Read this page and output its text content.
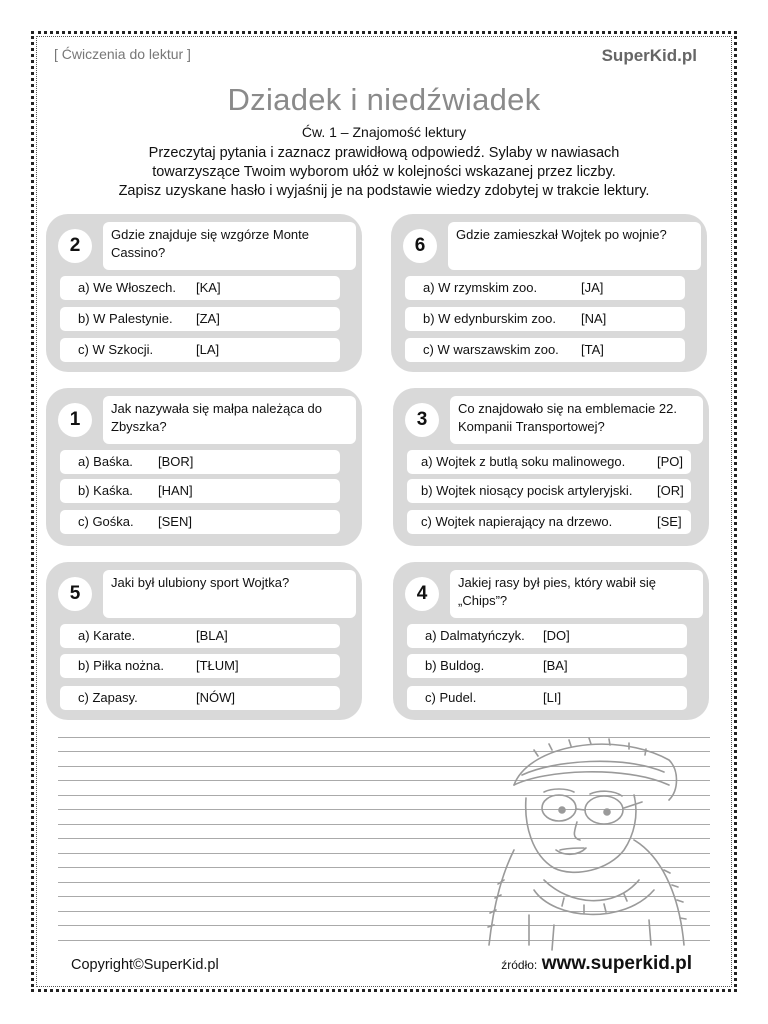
[ Ćwiczenia do lektur ]	SuperKid.pl
Dziadek i niedźwiadek
Ćw. 1 – Znajomość lektury
Przeczytaj pytania i zaznacz prawidłową odpowiedź. Sylaby w nawiasach
towarzyszące Twoim wyborom ułóż w kolejności wskazanej przez liczby.
Zapisz uzyskane hasło i wyjaśnij je na podstawie wiedzy zdobytej w trakcie lektury.
2
Gdzie znajduje się wzgórze Monte Cassino?
a) We Włoszech. [KA]
b) W Palestynie. [ZA]
c) W Szkocji.	[LA]
6
Gdzie zamieszkał Wojtek po wojnie?
a) W rzymskim zoo.	[JA]
b) W edynburskim zoo. [NA]
c) W warszawskim zoo. [TA]
1
Jak nazywała się małpa należąca do Zbyszka?
a) Baśka. [BOR]
b) Kaśka. [HAN]
c) Gośka. [SEN]
3
Co znajdowało się na emblemacie 22. Kompanii Transportowej?
a) Wojtek z butlą soku malinowego. [PO]
b) Wojtek niosący pocisk artyleryjski. [OR]
c) Wojtek napierający na drzewo.	[SE]
5
Jaki był ulubiony sport Wojtka?
a) Karate.	[BLA]
b) Piłka nożna. [TŁUM]
c) Zapasy.	[NÓW]
4
Jakiej rasy był pies, który wabił się „Chips”?
a) Dalmatyńczyk. [DO]
b) Buldog.	[BA]
c) Pudel.	[LI]
Copyright©SuperKid.pl	źródło: www.superkid.pl
